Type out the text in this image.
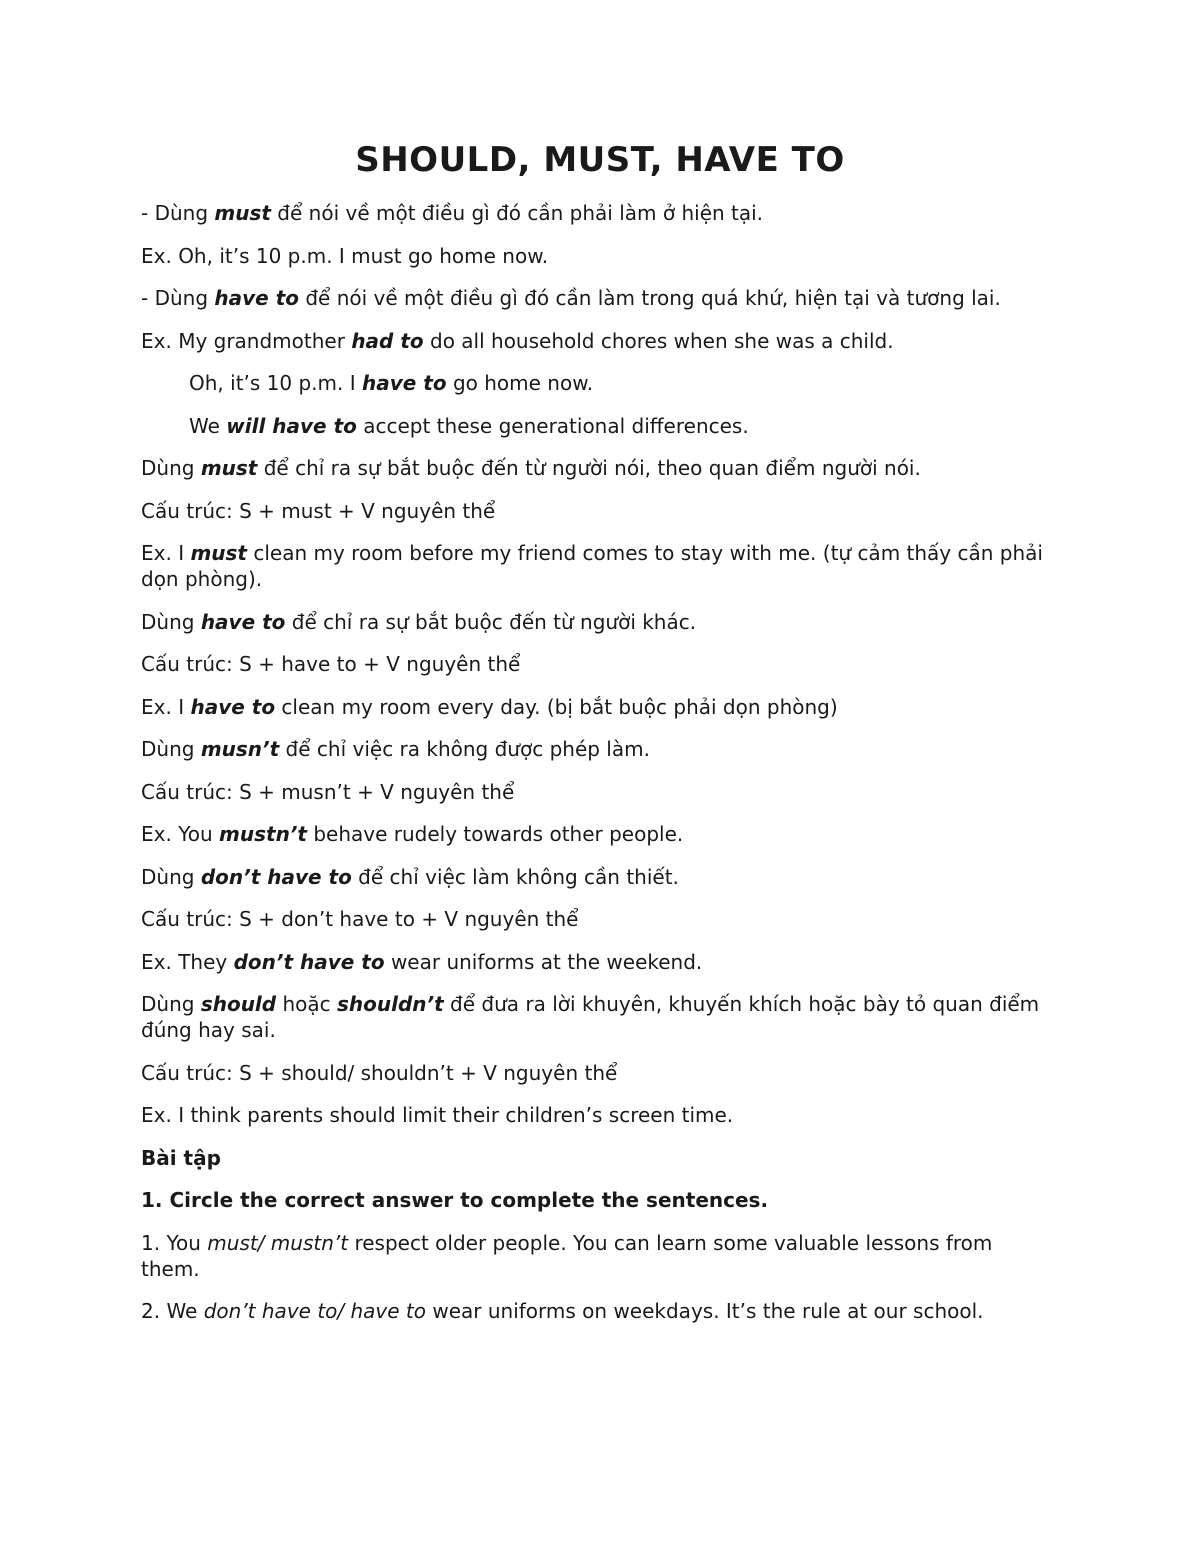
SHOULD, MUST, HAVE TO

- Dùng must để nói về một điều gì đó cần phải làm ở hiện tại.

Ex. Oh, it’s 10 p.m. I must go home now.

- Dùng have to để nói về một điều gì đó cần làm trong quá khứ, hiện tại và tương lai.

Ex. My grandmother had to do all household chores when she was a child.

Oh, it’s 10 p.m. I have to go home now.

We will have to accept these generational differences.

Dùng must để chỉ ra sự bắt buộc đến từ người nói, theo quan điểm người nói.

Cấu trúc: S + must + V nguyên thể

Ex. I must clean my room before my friend comes to stay with me. (tự cảm thấy cần phải dọn phòng).

Dùng have to để chỉ ra sự bắt buộc đến từ người khác.

Cấu trúc: S + have to + V nguyên thể

Ex. I have to clean my room every day. (bị bắt buộc phải dọn phòng)

Dùng musn’t để chỉ việc ra không được phép làm.

Cấu trúc: S + musn’t + V nguyên thể

Ex. You mustn’t behave rudely towards other people.

Dùng don’t have to để chỉ việc làm không cần thiết.

Cấu trúc: S + don’t have to + V nguyên thể

Ex. They don’t have to wear uniforms at the weekend.

Dùng should hoặc shouldn’t để đưa ra lời khuyên, khuyến khích hoặc bày tỏ quan điểm đúng hay sai.

Cấu trúc: S + should/ shouldn’t + V nguyên thể

Ex. I think parents should limit their children’s screen time.

Bài tập

1. Circle the correct answer to complete the sentences.

1. You must/ mustn’t respect older people. You can learn some valuable lessons from them.

2. We don’t have to/ have to wear uniforms on weekdays. It’s the rule at our school.
